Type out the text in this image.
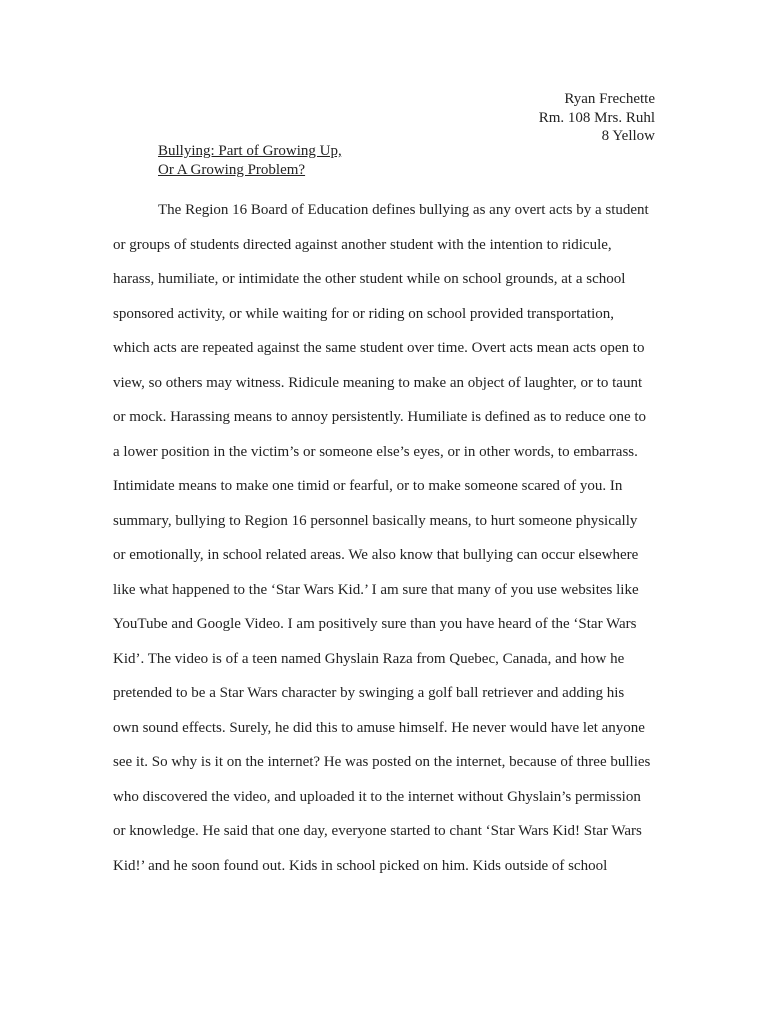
Ryan Frechette
Rm. 108 Mrs. Ruhl
8 Yellow
Bullying: Part of Growing Up,
Or A Growing Problem?
The Region 16 Board of Education defines bullying as any overt acts by a student
or groups of students directed against another student with the intention to ridicule,
harass, humiliate, or intimidate the other student while on school grounds, at a school
sponsored activity, or while waiting for or riding on school provided transportation,
which acts are repeated against the same student over time. Overt acts mean acts open to
view, so others may witness. Ridicule meaning to make an object of laughter, or to taunt
or mock. Harassing means to annoy persistently. Humiliate is defined as to reduce one to
a lower position in the victim’s or someone else’s eyes, or in other words, to embarrass.
Intimidate means to make one timid or fearful, or to make someone scared of you. In
summary, bullying to Region 16 personnel basically means, to hurt someone physically
or emotionally, in school related areas. We also know that bullying can occur elsewhere
like what happened to the ‘Star Wars Kid.’ I am sure that many of you use websites like
YouTube and Google Video. I am positively sure than you have heard of the ‘Star Wars
Kid’. The video is of a teen named Ghyslain Raza from Quebec, Canada, and how he
pretended to be a Star Wars character by swinging a golf ball retriever and adding his
own sound effects. Surely, he did this to amuse himself. He never would have let anyone
see it. So why is it on the internet? He was posted on the internet, because of three bullies
who discovered the video, and uploaded it to the internet without Ghyslain’s permission
or knowledge. He said that one day, everyone started to chant ‘Star Wars Kid! Star Wars
Kid!’ and he soon found out. Kids in school picked on him. Kids outside of school
